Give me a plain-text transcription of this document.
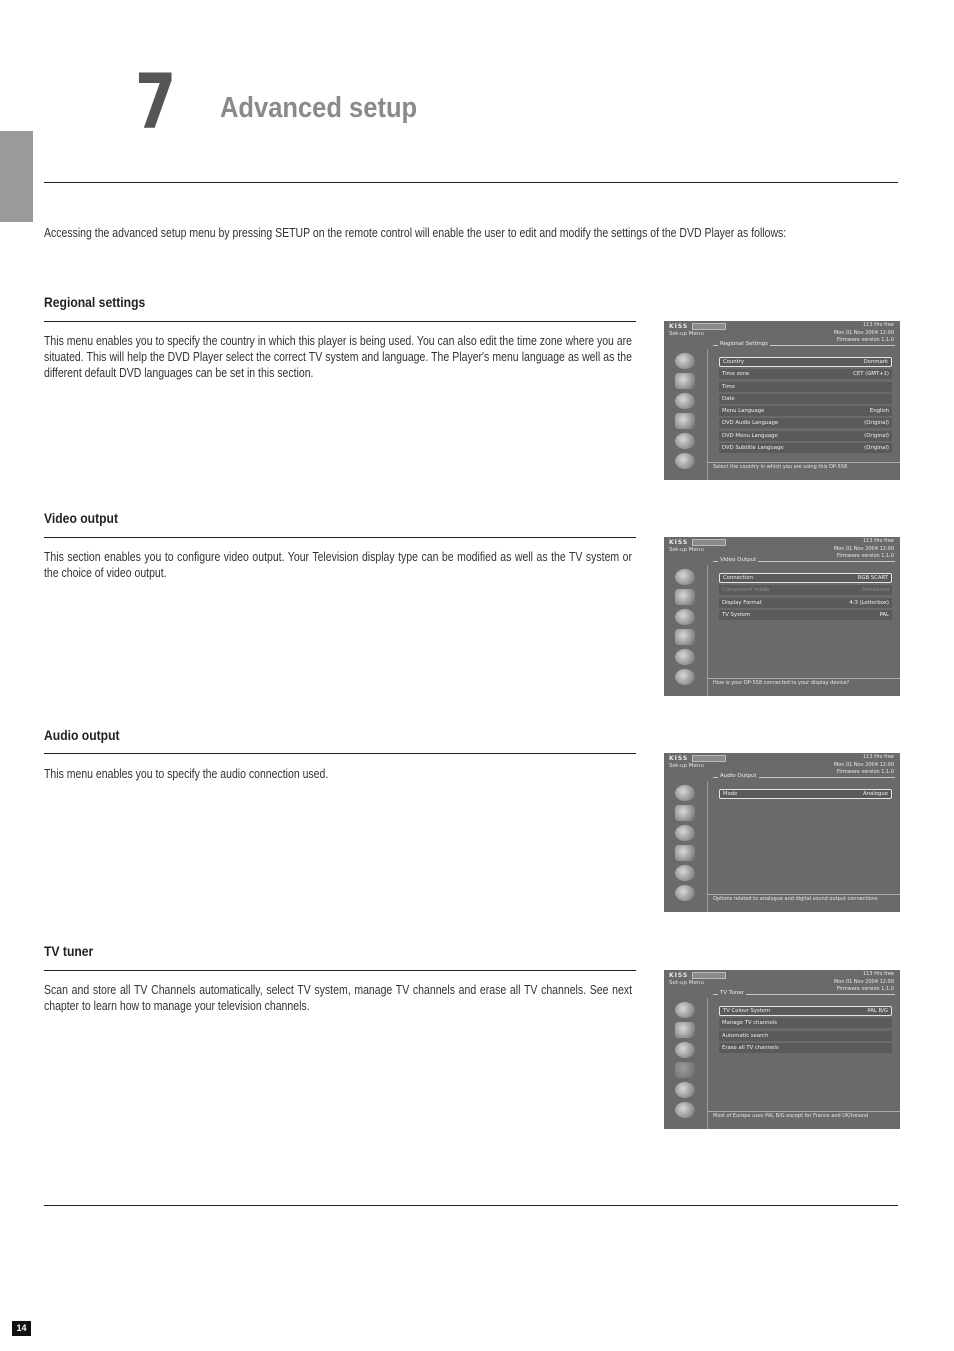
7 Advanced setup
Accessing the advanced setup menu by pressing SETUP on the remote control will enable the user to edit and modify the settings of the DVD Player as follows:
Regional settings
This menu enables you to specify the country in which this player is being used. You can also edit the time zone where you are situated. This will help the DVD Player select the correct TV system and language. The Player's menu language as well as the different default DVD languages can be set in this section.
KISS
Set-up Menu
113 Hrs free
Mon 01 Nov 2004 12:00
Firmware version 1.1.0
Regional Settings
Country	Denmark
Time zone	CET (GMT+1)
Time
Date
Menu Language	English
DVD Audio Language	(Original)
DVD Menu Language	(Original)
DVD Subtitle Language	(Original)
Select the country in which you are using this DP-558
Video output
This section enables you to configure video output. Your Television display type can be modified as well as the TV system or the choice of video output.
KISS
Set-up Menu
113 Hrs free
Mon 01 Nov 2004 12:00
Firmware version 1.1.0
Video Output
Connection	RGB SCART
Component mode	Interlaced
Display Format	4:3 (Letterbox)
TV System	PAL
How is your DP-558 connected to your display device?
Audio output
This menu enables you to specify the audio connection used.
KISS
Set-up Menu
113 Hrs free
Mon 01 Nov 2004 12:00
Firmware version 1.1.0
Audio Output
Mode	Analogue
Options related to analogue and digital sound output connections
TV tuner
Scan and store all TV Channels automatically, select TV system, manage TV channels and erase all TV channels. See next chapter to learn how to manage your television channels.
KISS
Set-up Menu
113 Hrs free
Mon 01 Nov 2004 12:00
Firmware version 1.1.0
TV Tuner
TV Colour System	PAL B/G
Manage TV channels
Automatic search
Erase all TV channels
Most of Europe uses PAL B/G except for France and UK/Ireland
14
